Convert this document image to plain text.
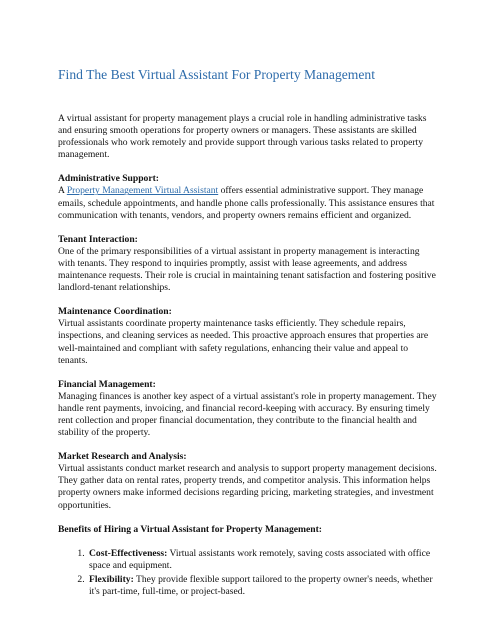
Find The Best Virtual Assistant For Property Management

A virtual assistant for property management plays a crucial role in handling administrative tasks and ensuring smooth operations for property owners or managers. These assistants are skilled professionals who work remotely and provide support through various tasks related to property management.

Administrative Support:

A Property Management Virtual Assistant offers essential administrative support. They manage emails, schedule appointments, and handle phone calls professionally. This assistance ensures that communication with tenants, vendors, and property owners remains efficient and organized.

Tenant Interaction:

One of the primary responsibilities of a virtual assistant in property management is interacting with tenants. They respond to inquiries promptly, assist with lease agreements, and address maintenance requests. Their role is crucial in maintaining tenant satisfaction and fostering positive landlord-tenant relationships.

Maintenance Coordination:

Virtual assistants coordinate property maintenance tasks efficiently. They schedule repairs, inspections, and cleaning services as needed. This proactive approach ensures that properties are well-maintained and compliant with safety regulations, enhancing their value and appeal to tenants.

Financial Management:

Managing finances is another key aspect of a virtual assistant's role in property management. They handle rent payments, invoicing, and financial record-keeping with accuracy. By ensuring timely rent collection and proper financial documentation, they contribute to the financial health and stability of the property.

Market Research and Analysis:

Virtual assistants conduct market research and analysis to support property management decisions. They gather data on rental rates, property trends, and competitor analysis. This information helps property owners make informed decisions regarding pricing, marketing strategies, and investment opportunities.

Benefits of Hiring a Virtual Assistant for Property Management:

1. Cost-Effectiveness: Virtual assistants work remotely, saving costs associated with office space and equipment.
2. Flexibility: They provide flexible support tailored to the property owner's needs, whether it's part-time, full-time, or project-based.
